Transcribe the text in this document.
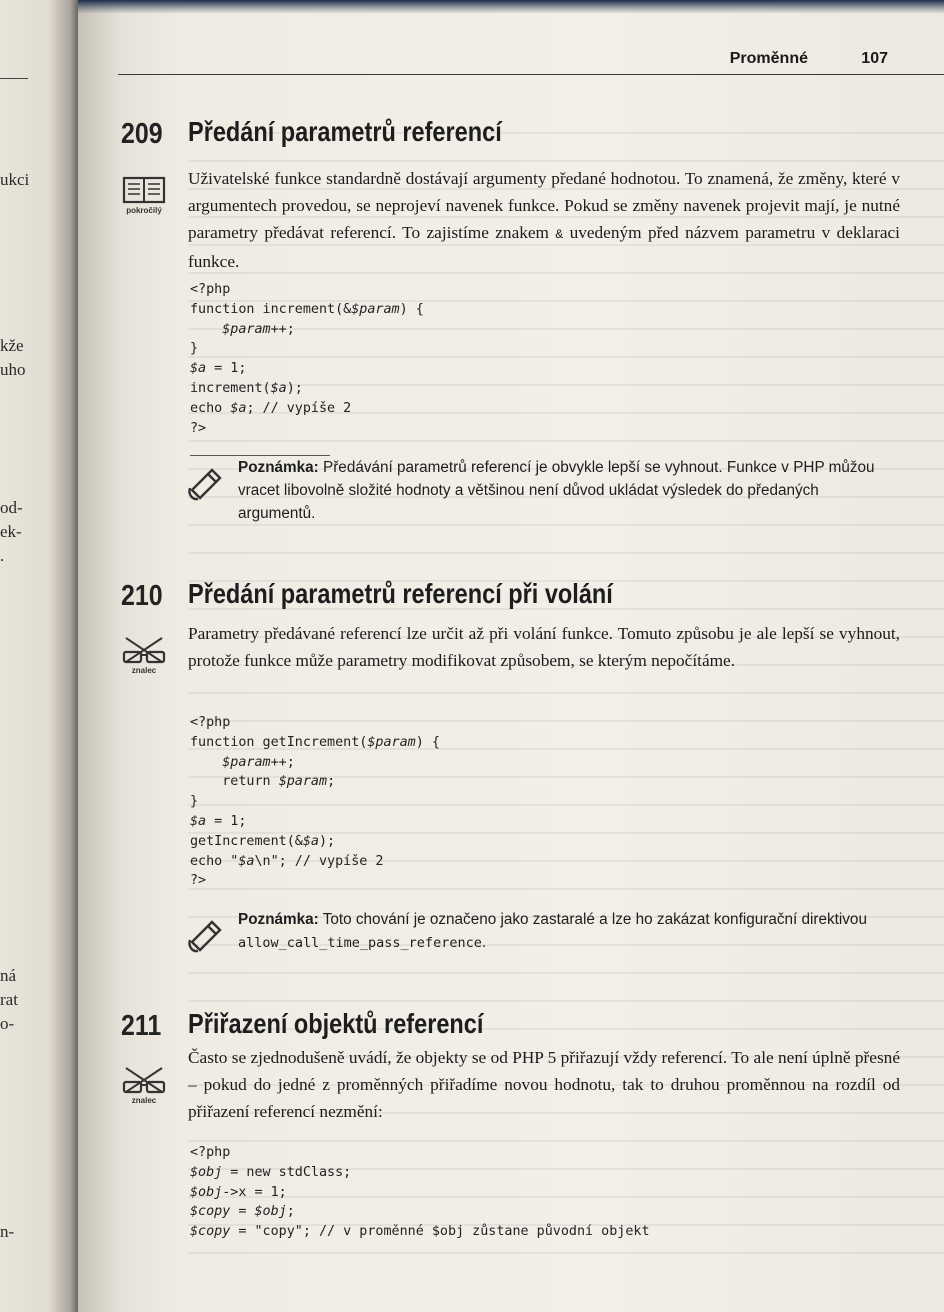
ukci
kže
uho
od-
ek-
.
ná
rat
o-
n-
Proměnné	107
209 Předání parametrů referencí
pokročilý
Uživatelské funkce standardně dostávají argumenty předané hodnotou. To znamená, že změny, které v argumentech provedou, se neprojeví navenek funkce. Pokud se změny navenek projevit mají, je nutné parametry předávat referencí. To zajistíme znakem & uvedeným před názvem parametru v deklaraci funkce.
<?php
function increment(&$param) {
$param++;
}
$a = 1;
increment($a);
echo $a; // vypíše 2
?>
Poznámka: Předávání parametrů referencí je obvykle lepší se vyhnout. Funkce v PHP můžou vracet libovolně složité hodnoty a většinou není důvod ukládat výsledek do předaných argumentů.
210 Předání parametrů referencí při volání
znalec
Parametry předávané referencí lze určit až při volání funkce. Tomuto způsobu je ale lepší se vyhnout, protože funkce může parametry modifikovat způsobem, se kterým nepočítáme.
<?php
function getIncrement($param) {
$param++;
return $param;
}
$a = 1;
getIncrement(&$a);
echo "$a\n"; // vypíše 2
?>
Poznámka: Toto chování je označeno jako zastaralé a lze ho zakázat konfigurační direktivou allow_call_time_pass_reference.
211 Přiřazení objektů referencí
znalec
Často se zjednodušeně uvádí, že objekty se od PHP 5 přiřazují vždy referencí. To ale není úplně přesné – pokud do jedné z proměnných přiřadíme novou hodnotu, tak to druhou proměnnou na rozdíl od přiřazení referencí nezmění:
<?php
$obj = new stdClass;
$obj->x = 1;
$copy = $obj;
$copy = "copy"; // v proměnné $obj zůstane původní objekt
